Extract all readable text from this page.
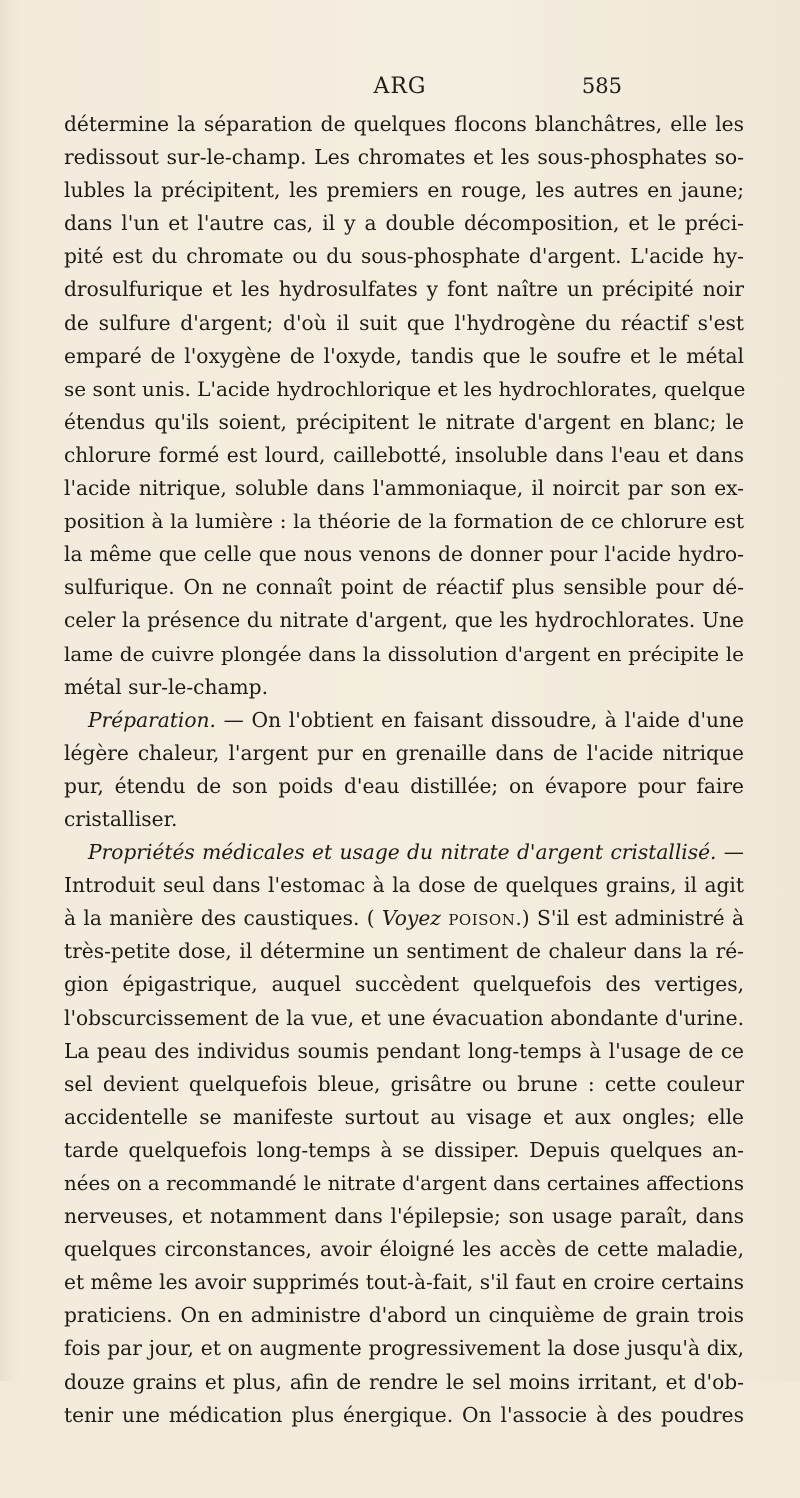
ARG	585
détermine la séparation de quelques flocons blanchâtres, elle les
redissout sur-le-champ. Les chromates et les sous-phosphates so-
lubles la précipitent, les premiers en rouge, les autres en jaune;
dans l'un et l'autre cas, il y a double décomposition, et le préci-
pité est du chromate ou du sous-phosphate d'argent. L'acide hy-
drosulfurique et les hydrosulfates y font naître un précipité noir
de sulfure d'argent; d'où il suit que l'hydrogène du réactif s'est
emparé de l'oxygène de l'oxyde, tandis que le soufre et le métal
se sont unis. L'acide hydrochlorique et les hydrochlorates, quelque
étendus qu'ils soient, précipitent le nitrate d'argent en blanc; le
chlorure formé est lourd, caillebotté, insoluble dans l'eau et dans
l'acide nitrique, soluble dans l'ammoniaque, il noircit par son ex-
position à la lumière : la théorie de la formation de ce chlorure est
la même que celle que nous venons de donner pour l'acide hydro-
sulfurique. On ne connaît point de réactif plus sensible pour dé-
celer la présence du nitrate d'argent, que les hydrochlorates. Une
lame de cuivre plongée dans la dissolution d'argent en précipite le
métal sur-le-champ.
Préparation. — On l'obtient en faisant dissoudre, à l'aide d'une
légère chaleur, l'argent pur en grenaille dans de l'acide nitrique
pur, étendu de son poids d'eau distillée; on évapore pour faire
cristalliser.
Propriétés médicales et usage du nitrate d'argent cristallisé. —
Introduit seul dans l'estomac à la dose de quelques grains, il agit
à la manière des caustiques. ( Voyez POISON.) S'il est administré à
très-petite dose, il détermine un sentiment de chaleur dans la ré-
gion épigastrique, auquel succèdent quelquefois des vertiges,
l'obscurcissement de la vue, et une évacuation abondante d'urine.
La peau des individus soumis pendant long-temps à l'usage de ce
sel devient quelquefois bleue, grisâtre ou brune : cette couleur
accidentelle se manifeste surtout au visage et aux ongles; elle
tarde quelquefois long-temps à se dissiper. Depuis quelques an-
nées on a recommandé le nitrate d'argent dans certaines affections
nerveuses, et notamment dans l'épilepsie; son usage paraît, dans
quelques circonstances, avoir éloigné les accès de cette maladie,
et même les avoir supprimés tout-à-fait, s'il faut en croire certains
praticiens. On en administre d'abord un cinquième de grain trois
fois par jour, et on augmente progressivement la dose jusqu'à dix,
douze grains et plus, afin de rendre le sel moins irritant, et d'ob-
tenir une médication plus énergique. On l'associe à des poudres
